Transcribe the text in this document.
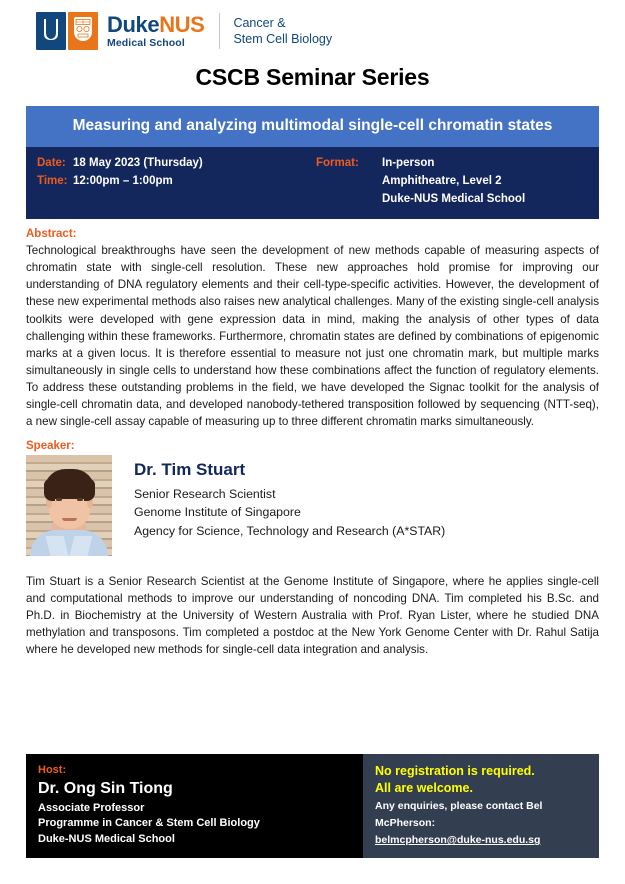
DukeNUS
Medical School
Cancer &
Stem Cell Biology
CSCB Seminar Series
Measuring and analyzing multimodal single-cell chromatin states
Date: 18 May 2023 (Thursday)
Time: 12:00pm – 1:00pm
Format:	In-person
Amphitheatre, Level 2
Duke-NUS Medical School
Abstract:
Technological breakthroughs have seen the development of new methods capable of measuring aspects of chromatin state with single-cell resolution. These new approaches hold promise for improving our understanding of DNA regulatory elements and their cell-type-specific activities. However, the development of these new experimental methods also raises new analytical challenges. Many of the existing single-cell analysis toolkits were developed with gene expression data in mind, making the analysis of other types of data challenging within these frameworks. Furthermore, chromatin states are defined by combinations of epigenomic marks at a given locus. It is therefore essential to measure not just one chromatin mark, but multiple marks simultaneously in single cells to understand how these combinations affect the function of regulatory elements. To address these outstanding problems in the field, we have developed the Signac toolkit for the analysis of single-cell chromatin data, and developed nanobody-tethered transposition followed by sequencing (NTT-seq), a new single-cell assay capable of measuring up to three different chromatin marks simultaneously.
Speaker:
Dr. Tim Stuart
Senior Research Scientist
Genome Institute of Singapore
Agency for Science, Technology and Research (A*STAR)
Tim Stuart is a Senior Research Scientist at the Genome Institute of Singapore, where he applies single-cell and computational methods to improve our understanding of noncoding DNA. Tim completed his B.Sc. and Ph.D. in Biochemistry at the University of Western Australia with Prof. Ryan Lister, where he studied DNA methylation and transposons. Tim completed a postdoc at the New York Genome Center with Dr. Rahul Satija where he developed new methods for single-cell data integration and analysis.
Host:
Dr. Ong Sin Tiong
Associate Professor
Programme in Cancer & Stem Cell Biology
Duke-NUS Medical School
No registration is required.
All are welcome.
Any enquiries, please contact Bel
McPherson:
belmcpherson@duke-nus.edu.sg
